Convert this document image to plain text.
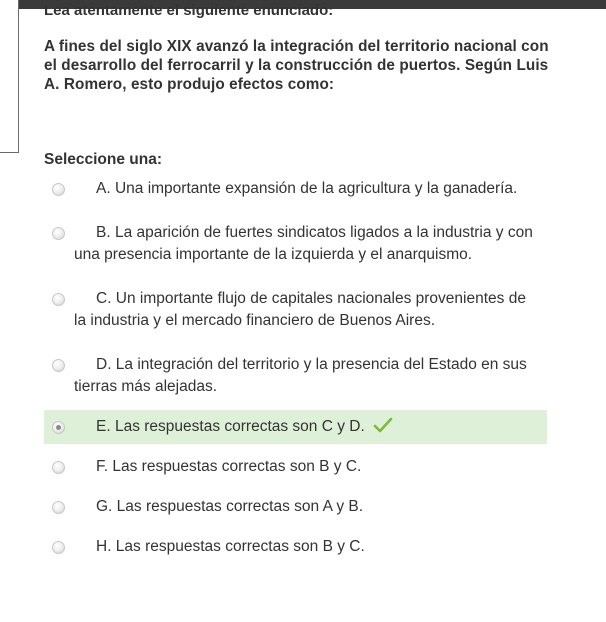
Lea atentamente el siguiente enunciado:
A fines del siglo XIX avanzó la integración del territorio nacional con el desarrollo del ferrocarril y la construcción de puertos. Según Luis A. Romero, esto produjo efectos como:
Seleccione una:
A. Una importante expansión de la agricultura y la ganadería.
B. La aparición de fuertes sindicatos ligados a la industria y con una presencia importante de la izquierda y el anarquismo.
C. Un importante flujo de capitales nacionales provenientes de la industria y el mercado financiero de Buenos Aires.
D. La integración del territorio y la presencia del Estado en sus tierras más alejadas.
E. Las respuestas correctas son C y D.
F. Las respuestas correctas son B y C.
G. Las respuestas correctas son A y B.
H. Las respuestas correctas son B y C.
